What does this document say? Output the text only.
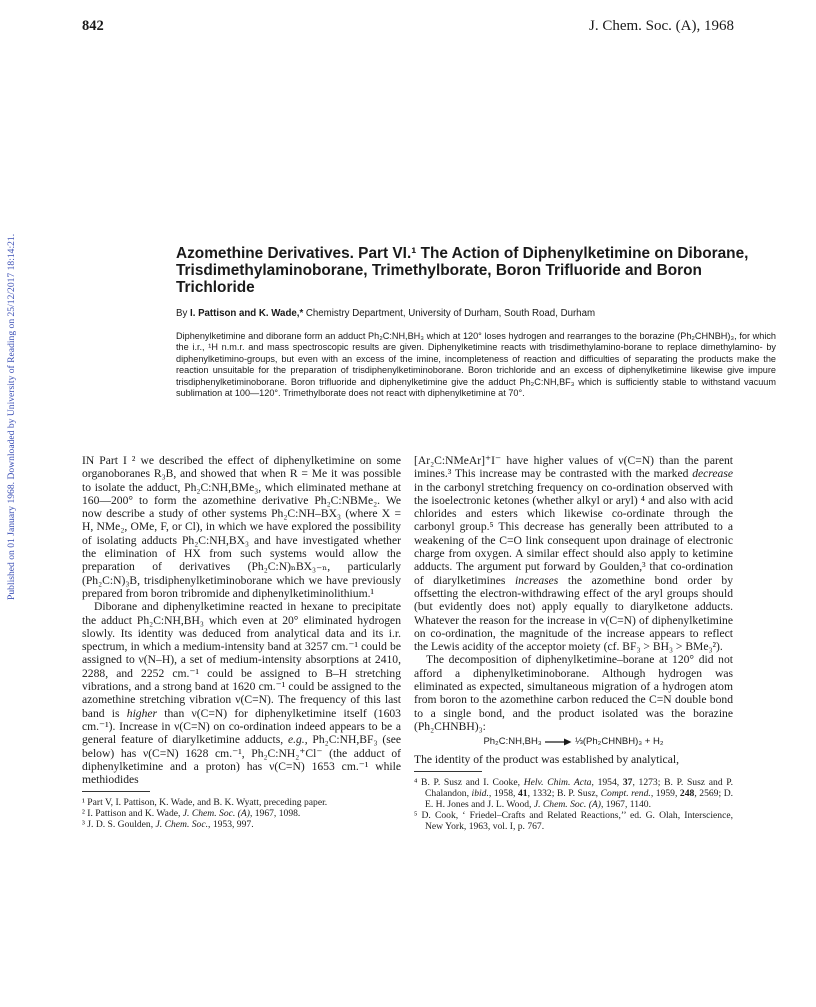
842	J. Chem. Soc. (A), 1968
Published on 01 January 1968. Downloaded by University of Reading on 25/12/2017 18:14:21.	Azomethine Derivatives. Part VI.¹ The Action of Diphenylketimine on Diborane, Trisdimethylaminoborane, Trimethylborate, Boron Trifluoride and Boron Trichloride
By I. Pattison and K. Wade,* Chemistry Department, University of Durham, South Road, Durham
Diphenylketimine and diborane form an adduct Ph₂C:NH,BH₃ which at 120° loses hydrogen and rearranges to the borazine (Ph₂CHNBH)₃, for which the i.r., ¹H n.m.r. and mass spectroscopic results are given. Diphenylketimine reacts with trisdimethylamino-borane to replace dimethylamino- by diphenylketimino-groups, but even with an excess of the imine, incompleteness of reaction and difficulties of separating the products make the reaction unsuitable for the preparation of trisdiphenylketiminoborane. Boron trichloride and an excess of diphenylketimine likewise give impure trisdiphenylketiminoborane. Boron trifluoride and diphenylketimine give the adduct Ph₂C:NH,BF₃ which is sufficiently stable to withstand vacuum sublimation at 100—120°. Trimethylborate does not react with diphenylketimine at 70°.

IN Part I ² we described the effect of diphenylketimine on some organoboranes R₃B, and showed that when R = Me it was possible to isolate the adduct, Ph₂C:NH,BMe₃, which eliminated methane at 160—200° to form the azomethine derivative Ph₂C:NBMe₂. We now describe a study of other systems Ph₂C:NH–BX₃ (where X = H, NMe₂, OMe, F, or Cl), in which we have explored the possibility of isolating adducts Ph₂C:NH,BX₃ and have investigated whether the elimination of HX from such systems would allow the preparation of derivatives (Ph₂C:N)ₙBX₃₋ₙ, particularly (Ph₂C:N)₃B, trisdiphenylketiminoborane which we have previously prepared from boron tribromide and diphenylketiminolithium.¹

Diborane and diphenylketimine reacted in hexane to precipitate the adduct Ph₂C:NH,BH₃ which even at 20° eliminated hydrogen slowly. Its identity was deduced from analytical data and its i.r. spectrum, in which a medium-intensity band at 3257 cm.⁻¹ could be assigned to ν(N–H), a set of medium-intensity absorptions at 2410, 2288, and 2252 cm.⁻¹ could be assigned to B–H stretching vibrations, and a strong band at 1620 cm.⁻¹ could be assigned to the azomethine stretching vibration ν(C=N). The frequency of this last band is higher than ν(C=N) for diphenylketimine itself (1603 cm.⁻¹). Increase in ν(C=N) on co-ordination indeed appears to be a general feature of diarylketimine adducts, e.g., Ph₂C:NH,BF₃ (see below) has ν(C=N) 1628 cm.⁻¹, Ph₂C:NH₂⁺Cl⁻ (the adduct of diphenylketimine and a proton) has ν(C=N) 1653 cm.⁻¹ while methiodides

¹ Part V, I. Pattison, K. Wade, and B. K. Wyatt, preceding paper.

² I. Pattison and K. Wade, J. Chem. Soc. (A), 1967, 1098.

³ J. D. S. Goulden, J. Chem. Soc., 1953, 997.

[Ar₂C:NMeAr]⁺I⁻ have higher values of ν(C=N) than the parent imines.³ This increase may be contrasted with the marked decrease in the carbonyl stretching frequency on co-ordination observed with the isoelectronic ketones (whether alkyl or aryl) ⁴ and also with acid chlorides and esters which likewise co-ordinate through the carbonyl group.⁵ This decrease has generally been attributed to a weakening of the C=O link consequent upon drainage of electronic charge from oxygen. A similar effect should also apply to ketimine adducts. The argument put forward by Goulden,³ that co-ordination of diarylketimines increases the azomethine bond order by offsetting the electron-withdrawing effect of the aryl groups should (but evidently does not) apply equally to diarylketone adducts. Whatever the reason for the increase in ν(C=N) of diphenylketimine on co-ordination, the magnitude of the increase appears to reflect the Lewis acidity of the acceptor moiety (cf. BF₃ > BH₃ > BMe₃²).

The decomposition of diphenylketimine–borane at 120° did not afford a diphenylketiminoborane. Although hydrogen was eliminated as expected, simultaneous migration of a hydrogen atom from boron to the azomethine carbon reduced the C=N double bond to a single bond, and the product isolated was the borazine (Ph₂CHNBH)₃:

Ph₂C:NH,BH₃ → ⅓(Ph₂CHNBH)₃ + H₂

The identity of the product was established by analytical,

⁴ B. P. Susz and I. Cooke, Helv. Chim. Acta, 1954, 37, 1273; B. P. Susz and P. Chalandon, ibid., 1958, 41, 1332; B. P. Susz, Compt. rend., 1959, 248, 2569; D. E. H. Jones and J. L. Wood, J. Chem. Soc. (A), 1967, 1140.

⁵ D. Cook, ‘ Friedel–Crafts and Related Reactions,’’ ed. G. Olah, Interscience, New York, 1963, vol. I, p. 767.
